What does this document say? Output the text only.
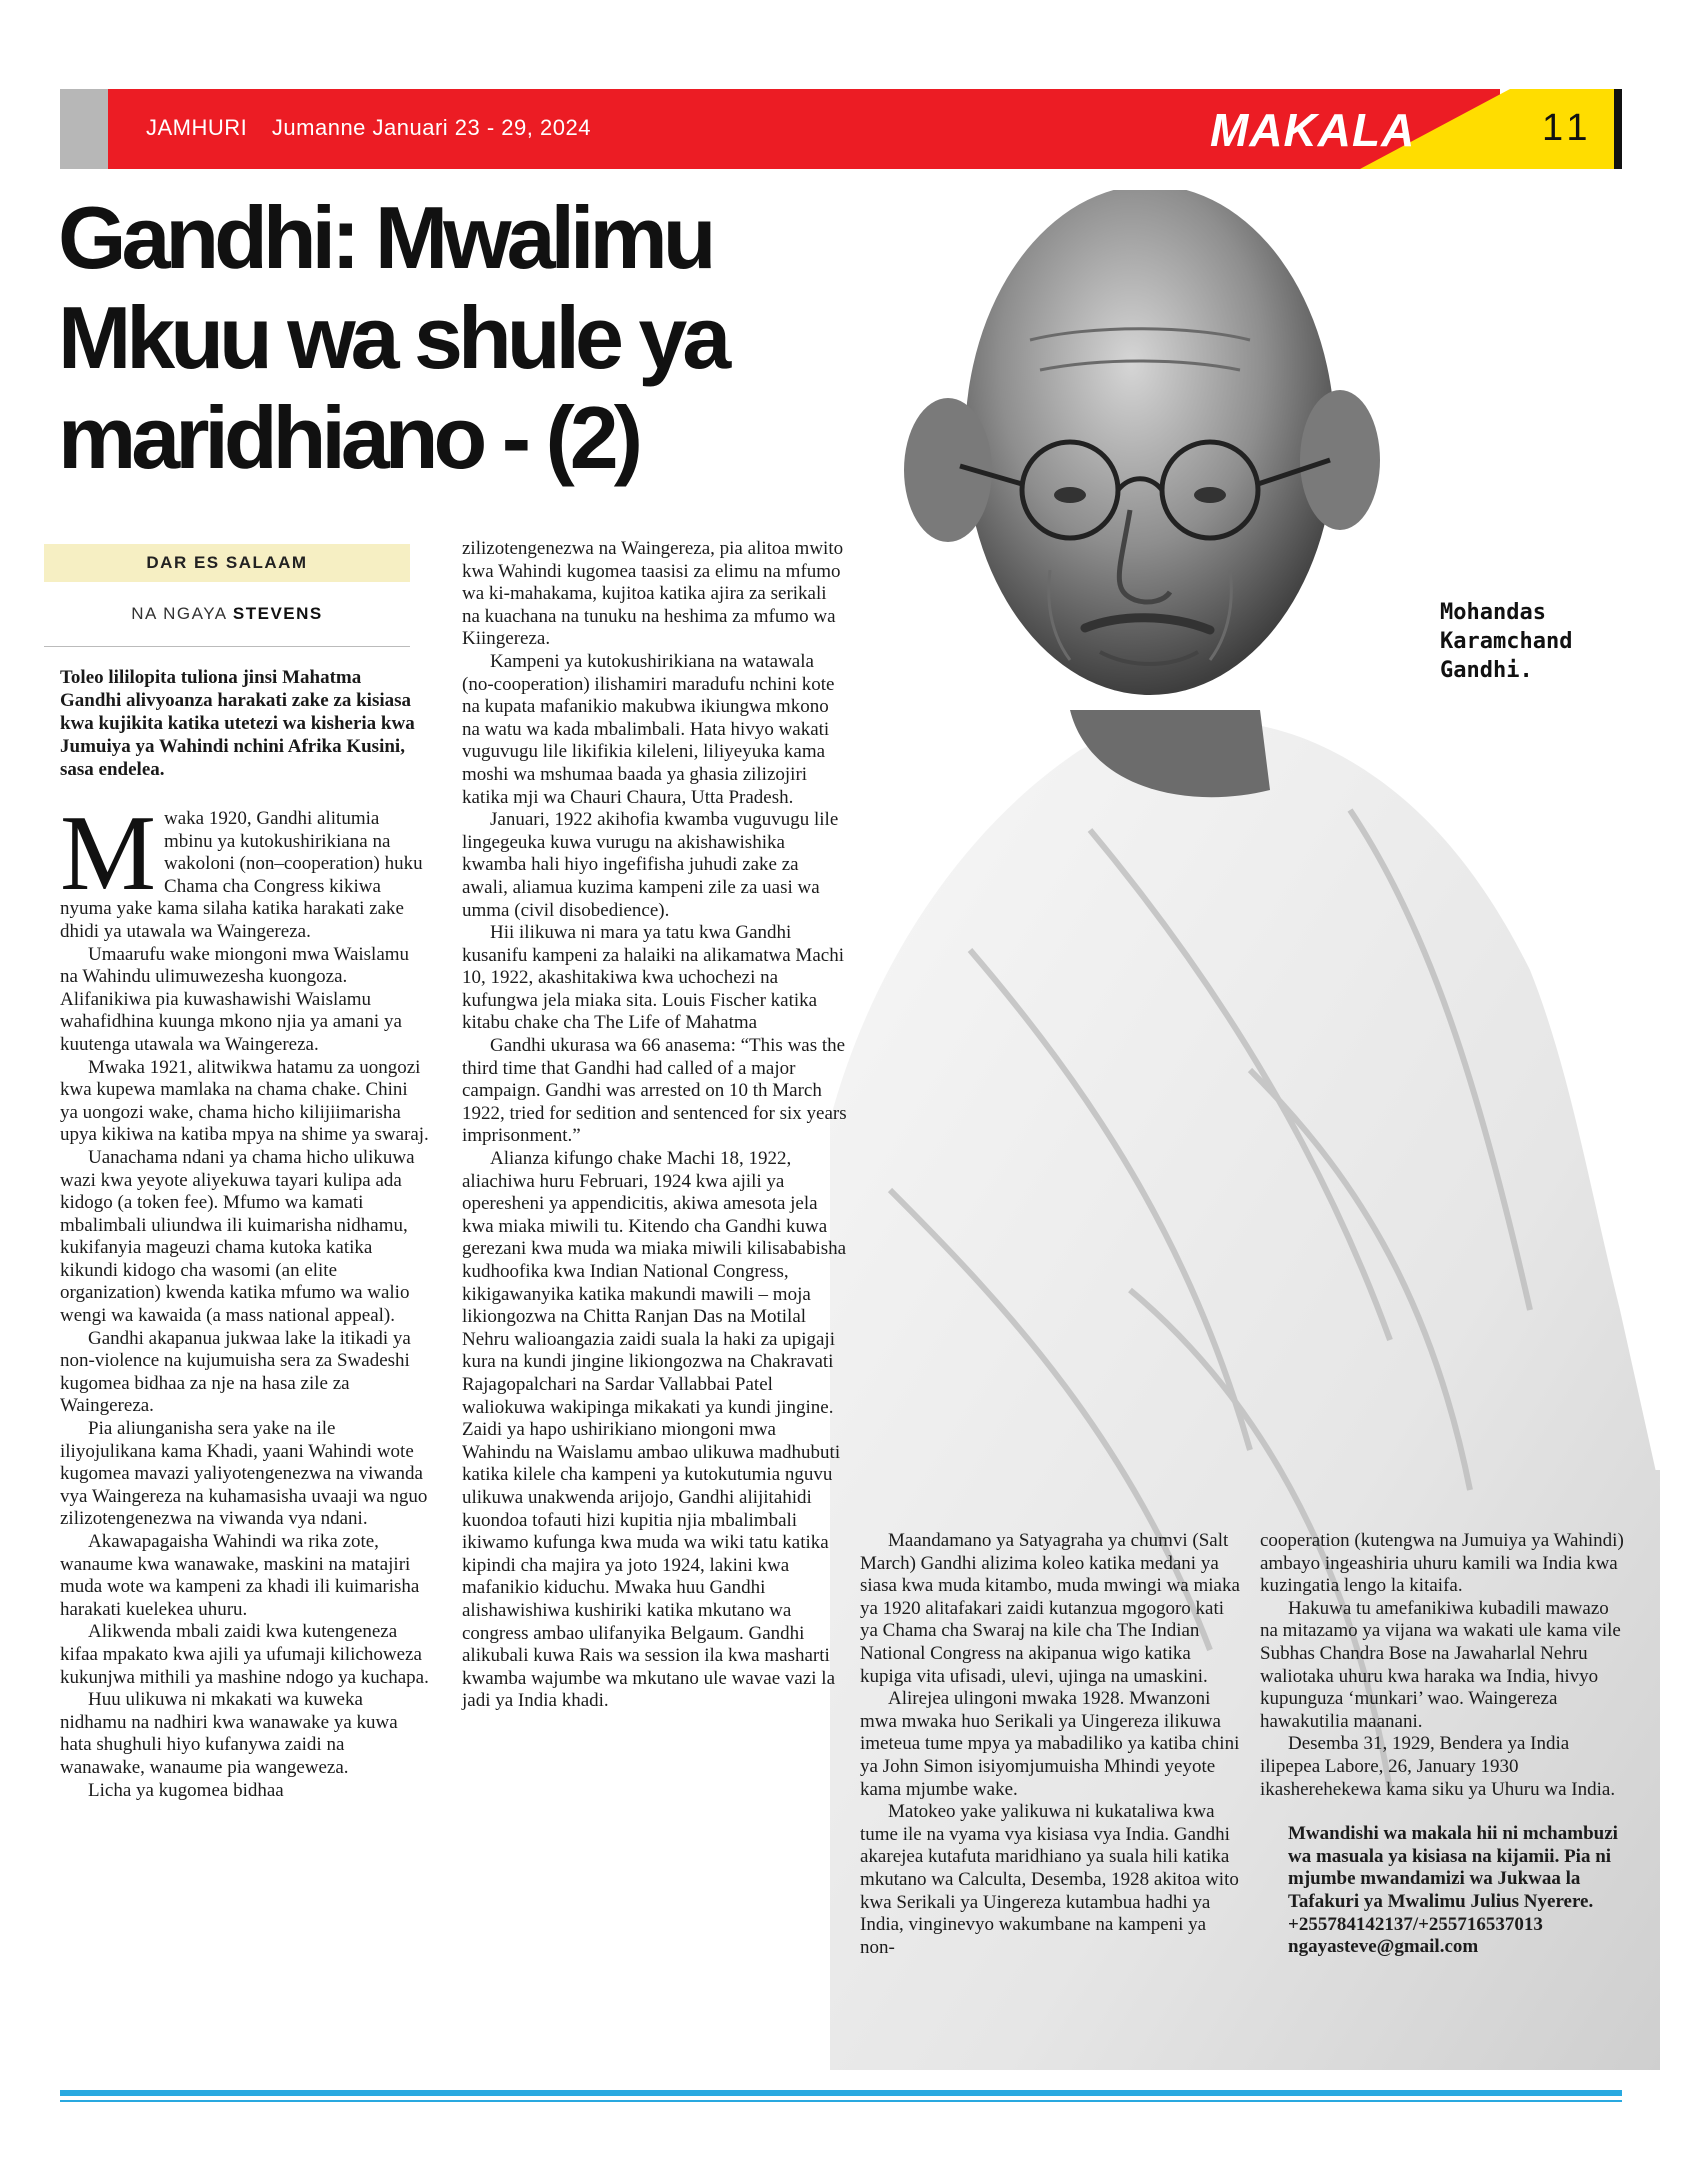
JAMHURI Jumanne Januari 23 - 29, 2024	MAKALA	11
Gandhi: Mwalimu
Mkuu wa shule ya
maridhiano - (2)
Mohandas
Karamchand
Gandhi.
DAR ES SALAAM
NA NGAYA STEVENS
Toleo lililopita tuliona jinsi Mahatma Gandhi alivyoanza harakati zake za kisiasa kwa kujikita katika utetezi wa kisheria kwa Jumuiya ya Wahindi nchini Afrika Kusini, sasa endelea.

Mwaka 1920, Gandhi alitumia mbinu ya kutokushirikiana na wakoloni (non–cooperation) huku Chama cha Congress kikiwa nyuma yake kama silaha katika harakati zake dhidi ya utawala wa Waingereza.

Umaarufu wake miongoni mwa Waislamu na Wahindu ulimuwezesha kuongoza. Alifanikiwa pia kuwashawishi Waislamu wahafidhina kuunga mkono njia ya amani ya kuutenga utawala wa Waingereza.

Mwaka 1921, alitwikwa hatamu za uongozi kwa kupewa mamlaka na chama chake. Chini ya uongozi wake, chama hicho kilijiimarisha upya kikiwa na katiba mpya na shime ya swaraj.

Uanachama ndani ya chama hicho ulikuwa wazi kwa yeyote aliyekuwa tayari kulipa ada kidogo (a token fee). Mfumo wa kamati mbalimbali uliundwa ili kuimarisha nidhamu, kukifanyia mageuzi chama kutoka katika kikundi kidogo cha wasomi (an elite organization) kwenda katika mfumo wa walio wengi wa kawaida (a mass national appeal).

Gandhi akapanua jukwaa lake la itikadi ya non-violence na kujumuisha sera za Swadeshi kugomea bidhaa za nje na hasa zile za Waingereza.

Pia aliunganisha sera yake na ile iliyojulikana kama Khadi, yaani Wahindi wote kugomea mavazi yaliyotengenezwa na viwanda vya Waingereza na kuhamasisha uvaaji wa nguo zilizotengenezwa na viwanda vya ndani.

Akawapagaisha Wahindi wa rika zote, wanaume kwa wanawake, maskini na matajiri muda wote wa kampeni za khadi ili kuimarisha harakati kuelekea uhuru.

Alikwenda mbali zaidi kwa kutengeneza kifaa mpakato kwa ajili ya ufumaji kilichoweza kukunjwa mithili ya mashine ndogo ya kuchapa.

Huu ulikuwa ni mkakati wa kuweka nidhamu na nadhiri kwa wanawake ya kuwa hata shughuli hiyo kufanywa zaidi na wanawake, wanaume pia wangeweza.

Licha ya kugomea bidhaa

zilizotengenezwa na Waingereza, pia alitoa mwito kwa Wahindi kugomea taasisi za elimu na mfumo wa ki-mahakama, kujitoa katika ajira za serikali na kuachana na tunuku na heshima za mfumo wa Kiingereza.

Kampeni ya kutokushirikiana na watawala (no-cooperation) ilishamiri maradufu nchini kote na kupata mafanikio makubwa ikiungwa mkono na watu wa kada mbalimbali. Hata hivyo wakati vuguvugu lile likifikia kileleni, liliyeyuka kama moshi wa mshumaa baada ya ghasia zilizojiri katika mji wa Chauri Chaura, Utta Pradesh.

Januari, 1922 akihofia kwamba vuguvugu lile lingegeuka kuwa vurugu na akishawishika kwamba hali hiyo ingefifisha juhudi zake za awali, aliamua kuzima kampeni zile za uasi wa umma (civil disobedience).

Hii ilikuwa ni mara ya tatu kwa Gandhi kusanifu kampeni za halaiki na alikamatwa Machi 10, 1922, akashitakiwa kwa uchochezi na kufungwa jela miaka sita. Louis Fischer katika kitabu chake cha The Life of Mahatma

Gandhi ukurasa wa 66 anasema: “This was the third time that Gandhi had called of a major campaign. Gandhi was arrested on 10 th March 1922, tried for sedition and sentenced for six years imprisonment.”

Alianza kifungo chake Machi 18, 1922, aliachiwa huru Februari, 1924 kwa ajili ya operesheni ya appendicitis, akiwa amesota jela kwa miaka miwili tu. Kitendo cha Gandhi kuwa gerezani kwa muda wa miaka miwili kilisababisha kudhoofika kwa Indian National Congress, kikigawanyika katika makundi mawili – moja likiongozwa na Chitta Ranjan Das na Motilal Nehru walioangazia zaidi suala la haki za upigaji kura na kundi jingine likiongozwa na Chakravati Rajagopalchari na Sardar Vallabbai Patel waliokuwa wakipinga mikakati ya kundi jingine. Zaidi ya hapo ushirikiano miongoni mwa Wahindu na Waislamu ambao ulikuwa madhubuti katika kilele cha kampeni ya kutokutumia nguvu ulikuwa unakwenda arijojo, Gandhi alijitahidi kuondoa tofauti hizi kupitia njia mbalimbali ikiwamo kufunga kwa muda wa wiki tatu katika kipindi cha majira ya joto 1924, lakini kwa mafanikio kiduchu. Mwaka huu Gandhi alishawishiwa kushiriki katika mkutano wa congress ambao ulifanyika Belgaum. Gandhi alikubali kuwa Rais wa session ila kwa masharti kwamba wajumbe wa mkutano ule wavae vazi la jadi ya India khadi.

Maandamano ya Satyagraha ya chumvi (Salt March) Gandhi alizima koleo katika medani ya siasa kwa muda kitambo, muda mwingi wa miaka ya 1920 alitafakari zaidi kutanzua mgogoro kati ya Chama cha Swaraj na kile cha The Indian National Congress na akipanua wigo katika kupiga vita ufisadi, ulevi, ujinga na umaskini.

Alirejea ulingoni mwaka 1928. Mwanzoni mwa mwaka huo Serikali ya Uingereza ilikuwa imeteua tume mpya ya mabadiliko ya katiba chini ya John Simon isiyomjumuisha Mhindi yeyote kama mjumbe wake.

Matokeo yake yalikuwa ni kukataliwa kwa tume ile na vyama vya kisiasa vya India. Gandhi akarejea kutafuta maridhiano ya suala hili katika mkutano wa Calculta, Desemba, 1928 akitoa wito kwa Serikali ya Uingereza kutambua hadhi ya India, vinginevyo wakumbane na kampeni ya non-

cooperation (kutengwa na Jumuiya ya Wahindi) ambayo ingeashiria uhuru kamili wa India kwa kuzingatia lengo la kitaifa.

Hakuwa tu amefanikiwa kubadili mawazo na mitazamo ya vijana wa wakati ule kama vile Subhas Chandra Bose na Jawaharlal Nehru waliotaka uhuru kwa haraka wa India, hivyo kupunguza ‘munkari’ wao. Waingereza hawakutilia maanani.

Desemba 31, 1929, Bendera ya India ilipepea Labore, 26, January 1930 ikasherehekewa kama siku ya Uhuru wa India.

Mwandishi wa makala hii ni mchambuzi wa masuala ya kisiasa na kijamii. Pia ni mjumbe mwandamizi wa Jukwaa la Tafakuri ya Mwalimu Julius Nyerere.

+255784142137/+255716537013

ngayasteve@gmail.com
